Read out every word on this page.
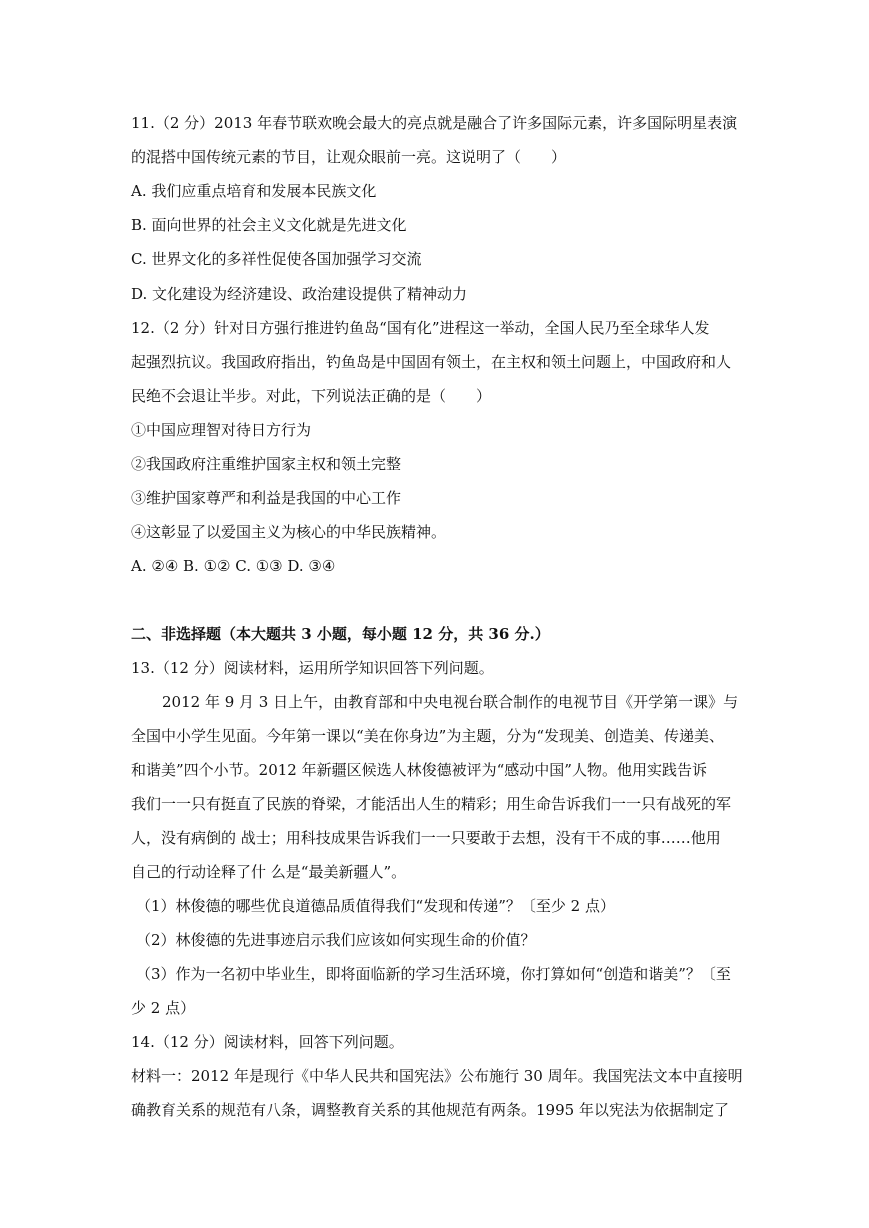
11.（2 分）2013 年春节联欢晚会最大的亮点就是融合了许多国际元素，许多国际明星表演
的混搭中国传统元素的节目，让观众眼前一亮。这说明了（　　）
A. 我们应重点培育和发展本民族文化
B. 面向世界的社会主义文化就是先进文化
C. 世界文化的多祥性促使各国加强学习交流
D. 文化建设为经济建设、政治建设提供了精神动力
12.（2 分）针对日方强行推进钓鱼岛“国有化”进程这一举动，全国人民乃至全球华人发
起强烈抗议。我国政府指出，钓鱼岛是中国固有领土，在主权和领土问题上，中国政府和人
民绝不会退让半步。对此，下列说法正确的是（　　）
①中国应理智对待日方行为
②我国政府注重维护国家主权和领土完整
③维护国家尊严和利益是我国的中心工作
④这彰显了以爱国主义为核心的中华民族精神。
A. ②④ B. ①② C. ①③ D. ③④
二、非选择题（本大题共 3 小题，每小题 12 分，共 36 分.）
13.（12 分）阅读材料，运用所学知识回答下列问题。
2012 年 9 月 3 日上午，由教育部和中央电视台联合制作的电视节目《开学第一课》与
全国中小学生见面。今年第一课以“美在你身边”为主题，分为“发现美、创造美、传递美、
和谐美”四个小节。2012 年新疆区候选人林俊德被评为“感动中国”人物。他用实践告诉
我们一一只有挺直了民族的脊梁，才能活出人生的精彩；用生命告诉我们一一只有战死的军
人，没有病倒的 战士；用科技成果告诉我们一一只要敢于去想，没有干不成的事……他用
自己的行动诠释了什 么是“最美新疆人”。
（1）林俊德的哪些优良道德品质值得我们“发现和传递”？〔至少 2 点）
（2）林俊德的先进事迹启示我们应该如何实现生命的价值？
（3）作为一名初中毕业生，即将面临新的学习生活环境，你打算如何“创造和谐美”？〔至
少 2 点）
14.（12 分）阅读材料，回答下列问题。
材料一：2012 年是现行《中华人民共和国宪法》公布施行 30 周年。我国宪法文本中直接明
确教育关系的规范有八条，调整教育关系的其他规范有两条。1995 年以宪法为依据制定了
